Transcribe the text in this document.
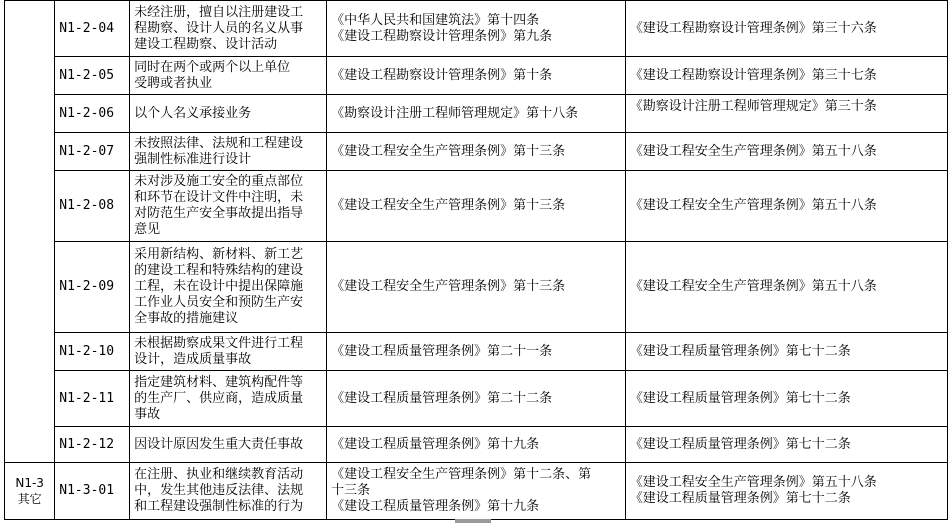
	N1-2-04	未经注册，擅自以注册建设工
程勘察、设计人员的名义从事
建设工程勘察、设计活动	《中华人民共和国建筑法》第十四条
《建设工程勘察设计管理条例》第九条	《建设工程勘察设计管理条例》第三十六条

	N1-2-05	同时在两个或两个以上单位
受聘或者执业	《建设工程勘察设计管理条例》第十条	《建设工程勘察设计管理条例》第三十七条

	N1-2-06	以个人名义承接业务	《勘察设计注册工程师管理规定》第十八条	《勘察设计注册工程师管理规定》第三十条

	N1-2-07	未按照法律、法规和工程建设
强制性标准进行设计	《建设工程安全生产管理条例》第十三条	《建设工程安全生产管理条例》第五十八条

	N1-2-08	未对涉及施工安全的重点部位
和环节在设计文件中注明，未
对防范生产安全事故提出指导
意见	《建设工程安全生产管理条例》第十三条	《建设工程安全生产管理条例》第五十八条

	N1-2-09	采用新结构、新材料、新工艺
的建设工程和特殊结构的建设
工程，未在设计中提出保障施
工作业人员安全和预防生产安
全事故的措施建议	《建设工程安全生产管理条例》第十三条	《建设工程安全生产管理条例》第五十八条

	N1-2-10	未根据勘察成果文件进行工程
设计，造成质量事故	《建设工程质量管理条例》第二十一条	《建设工程质量管理条例》第七十二条

	N1-2-11	指定建筑材料、建筑构配件等
的生产厂、供应商，造成质量
事故	《建设工程质量管理条例》第二十二条	《建设工程质量管理条例》第七十二条

	N1-2-12	因设计原因发生重大责任事故	《建设工程质量管理条例》第十九条	《建设工程质量管理条例》第七十二条

N1-3
其它	N1-3-01	在注册、执业和继续教育活动
中，发生其他违反法律、法规
和工程建设强制性标准的行为	《建设工程安全生产管理条例》第十二条、第
十三条
《建设工程质量管理条例》第十九条	《建设工程安全生产管理条例》第五十八条
《建设工程质量管理条例》第七十二条
